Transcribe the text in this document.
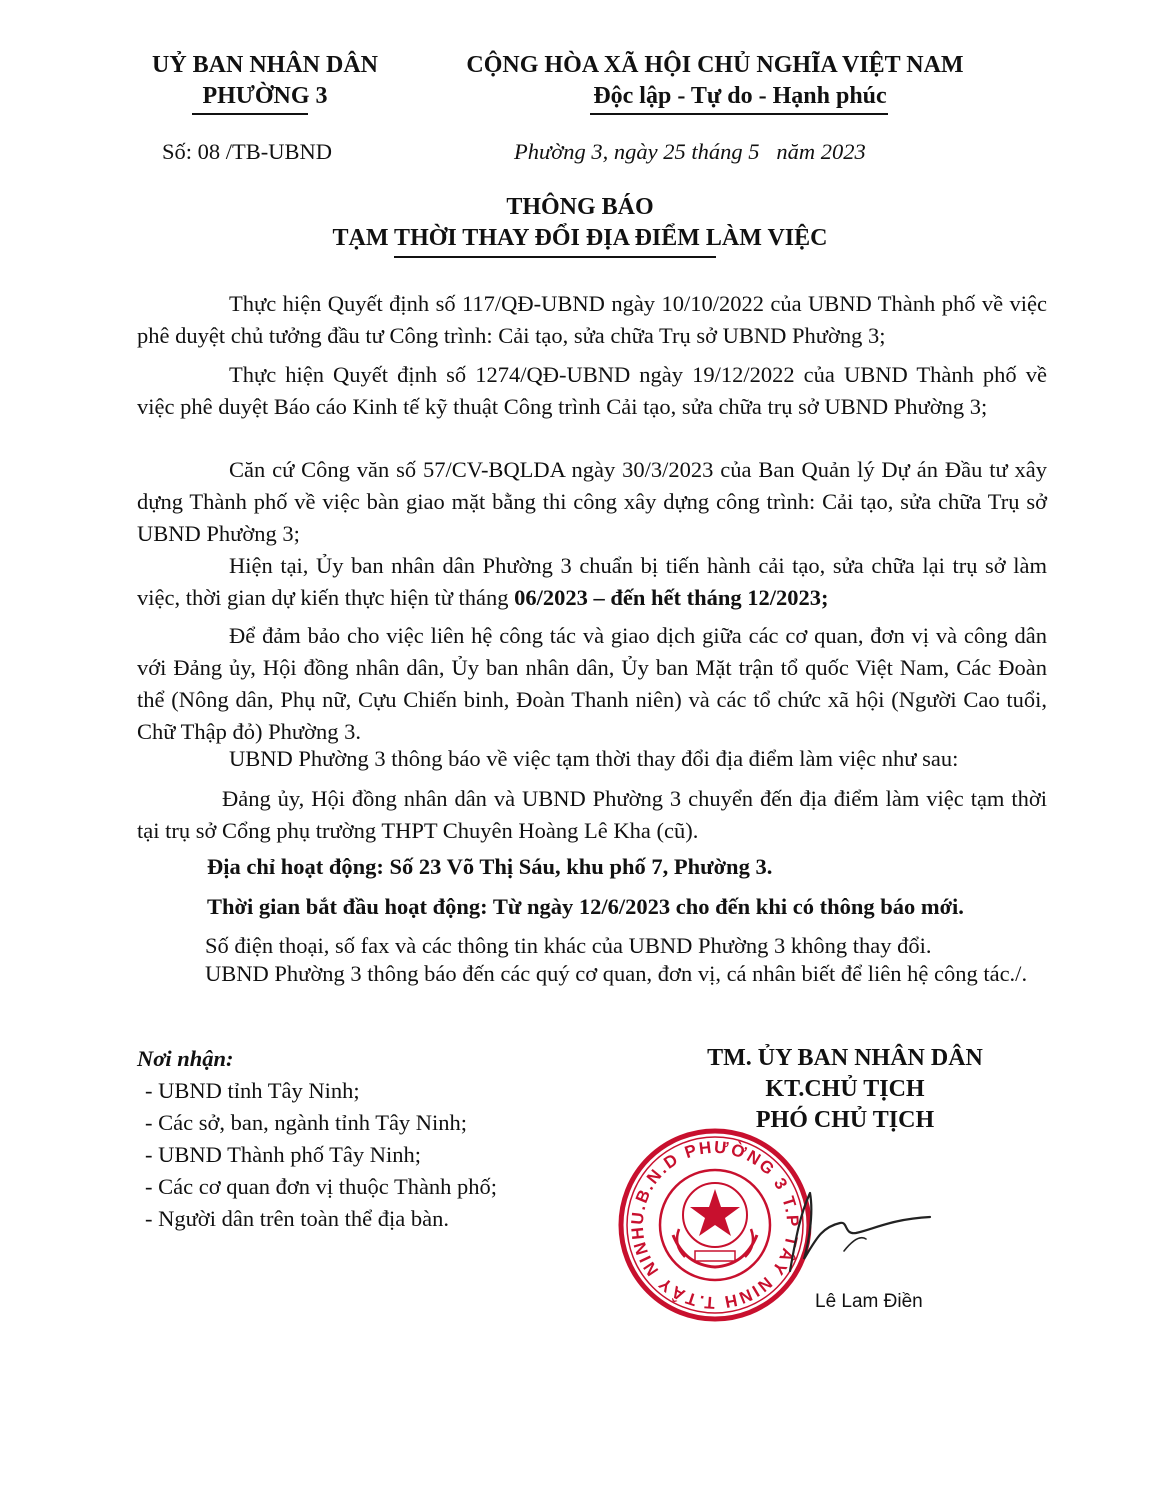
UỶ BAN NHÂN DÂN
PHƯỜNG 3
CỘNG HÒA XÃ HỘI CHỦ NGHĨA VIỆT NAM
Độc lập - Tự do - Hạnh phúc
Số: 08 /TB-UBND	Phường 3, ngày 25 tháng 5   năm 2023
THÔNG BÁO
TẠM THỜI THAY ĐỔI ĐỊA ĐIỂM LÀM VIỆC
Thực hiện Quyết định số 117/QĐ-UBND ngày 10/10/2022 của UBND Thành phố về việc phê duyệt chủ tưởng đầu tư Công trình: Cải tạo, sửa chữa Trụ sở UBND Phường 3;
Thực hiện Quyết định số 1274/QĐ-UBND ngày 19/12/2022 của UBND Thành phố về việc phê duyệt Báo cáo Kinh tế kỹ thuật Công trình Cải tạo, sửa chữa trụ sở UBND Phường 3;
Căn cứ Công văn số 57/CV-BQLDA ngày 30/3/2023 của Ban Quản lý Dự án Đầu tư xây dựng Thành phố về việc bàn giao mặt bằng thi công xây dựng công trình: Cải tạo, sửa chữa Trụ sở UBND Phường 3;
Hiện tại, Ủy ban nhân dân Phường 3 chuẩn bị tiến hành cải tạo, sửa chữa lại trụ sở làm việc, thời gian dự kiến thực hiện từ tháng 06/2023 – đến hết tháng 12/2023;
Để đảm bảo cho việc liên hệ công tác và giao dịch giữa các cơ quan, đơn vị và công dân với Đảng ủy, Hội đồng nhân dân, Ủy ban nhân dân, Ủy ban Mặt trận tổ quốc Việt Nam, Các Đoàn thể (Nông dân, Phụ nữ, Cựu Chiến binh, Đoàn Thanh niên) và các tổ chức xã hội (Người Cao tuổi, Chữ Thập đỏ) Phường 3.
UBND Phường 3 thông báo về việc tạm thời thay đổi địa điểm làm việc như sau:
Đảng ủy, Hội đồng nhân dân và UBND Phường 3 chuyển đến địa điểm làm việc tạm thời tại trụ sở Cổng phụ trường THPT Chuyên Hoàng Lê Kha (cũ).
Địa chỉ hoạt động: Số 23 Võ Thị Sáu, khu phố 7, Phường 3.
Thời gian bắt đầu hoạt động: Từ ngày 12/6/2023 cho đến khi có thông báo mới.
Số điện thoại, số fax và các thông tin khác của UBND Phường 3 không thay đổi.
UBND Phường 3 thông báo đến các quý cơ quan, đơn vị, cá nhân biết để liên hệ công tác./.
Nơi nhận:
- UBND tỉnh Tây Ninh;
- Các sở, ban, ngành tỉnh Tây Ninh;
- UBND Thành phố Tây Ninh;
- Các cơ quan đơn vị thuộc Thành phố;
- Người dân trên toàn thể địa bàn.
TM. ỦY BAN NHÂN DÂN
KT.CHỦ TỊCH
PHÓ CHỦ TỊCH
U.B.N.D PHƯỜNG 3 T.P TÂY NINH T.TÂY NINH
Lê Lam Điền
